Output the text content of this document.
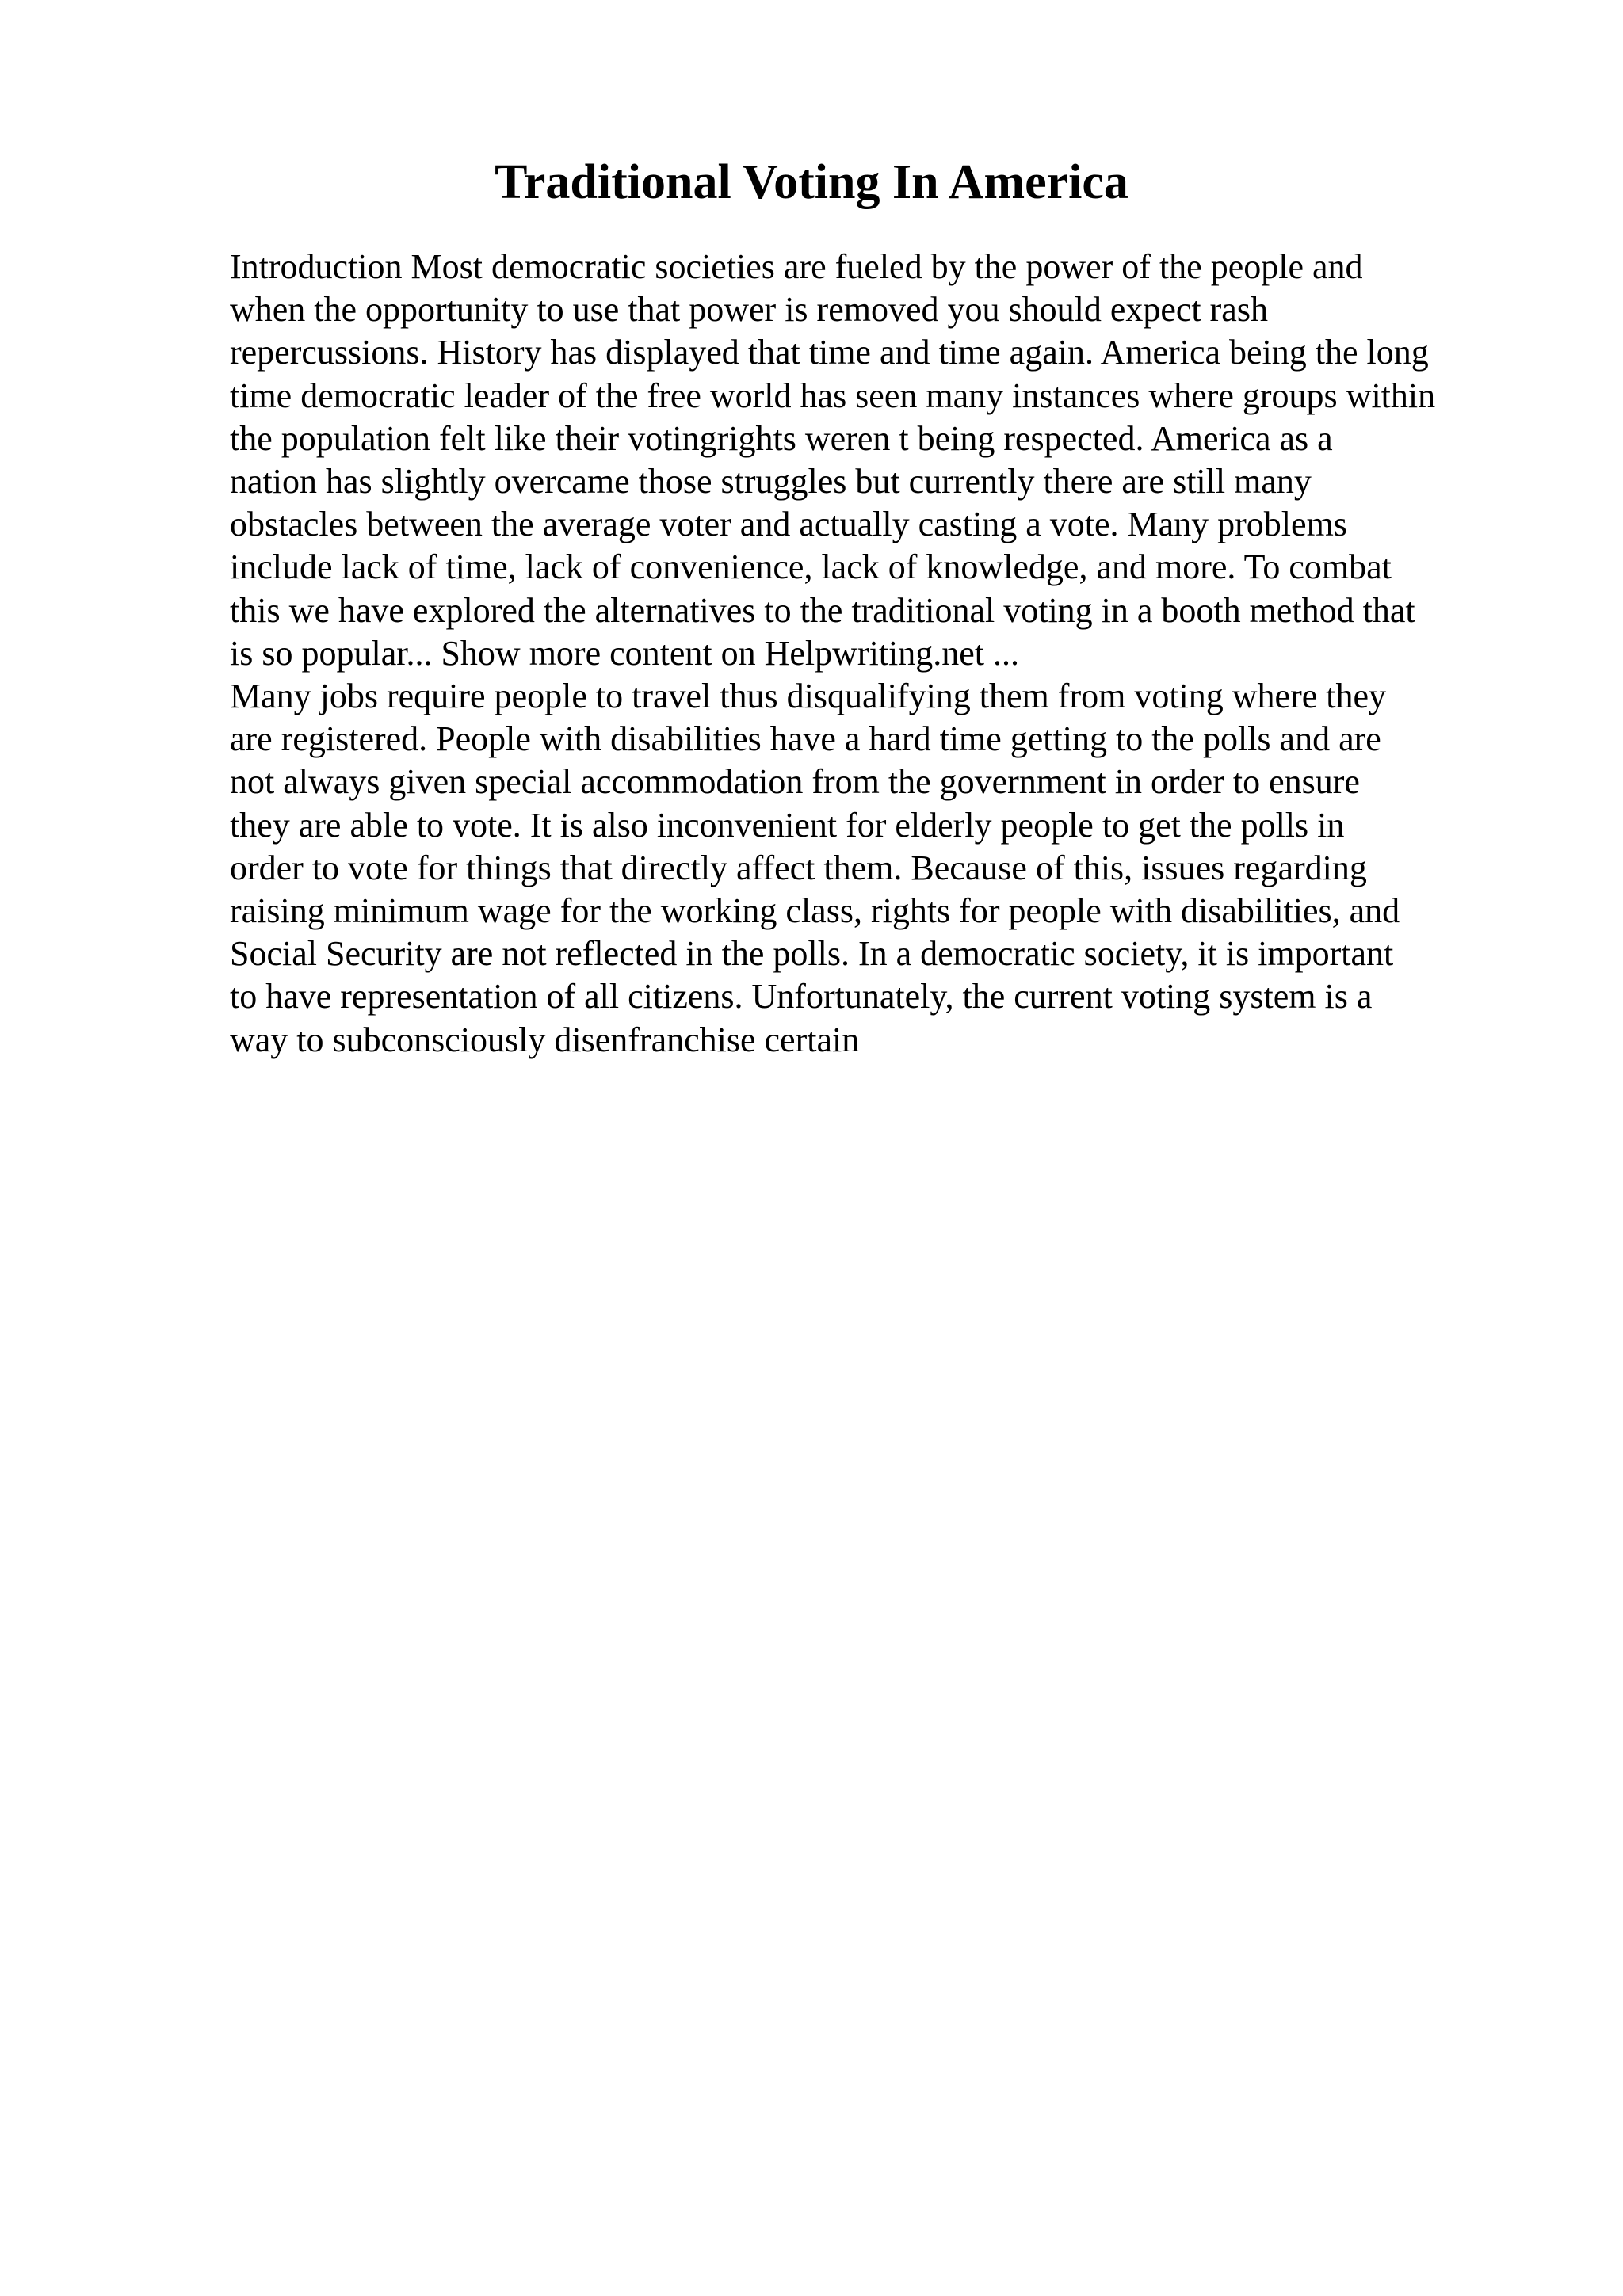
Traditional Voting In America
Introduction Most democratic societies are fueled by the power of the people and
when the opportunity to use that power is removed you should expect rash
repercussions. History has displayed that time and time again. America being the long
time democratic leader of the free world has seen many instances where groups within
the population felt like their votingrights weren t being respected. America as a
nation has slightly overcame those struggles but currently there are still many
obstacles between the average voter and actually casting a vote. Many problems
include lack of time, lack of convenience, lack of knowledge, and more. To combat
this we have explored the alternatives to the traditional voting in a booth method that
is so popular... Show more content on Helpwriting.net ...
Many jobs require people to travel thus disqualifying them from voting where they
are registered. People with disabilities have a hard time getting to the polls and are
not always given special accommodation from the government in order to ensure
they are able to vote. It is also inconvenient for elderly people to get the polls in
order to vote for things that directly affect them. Because of this, issues regarding
raising minimum wage for the working class, rights for people with disabilities, and
Social Security are not reflected in the polls. In a democratic society, it is important
to have representation of all citizens. Unfortunately, the current voting system is a
way to subconsciously disenfranchise certain
